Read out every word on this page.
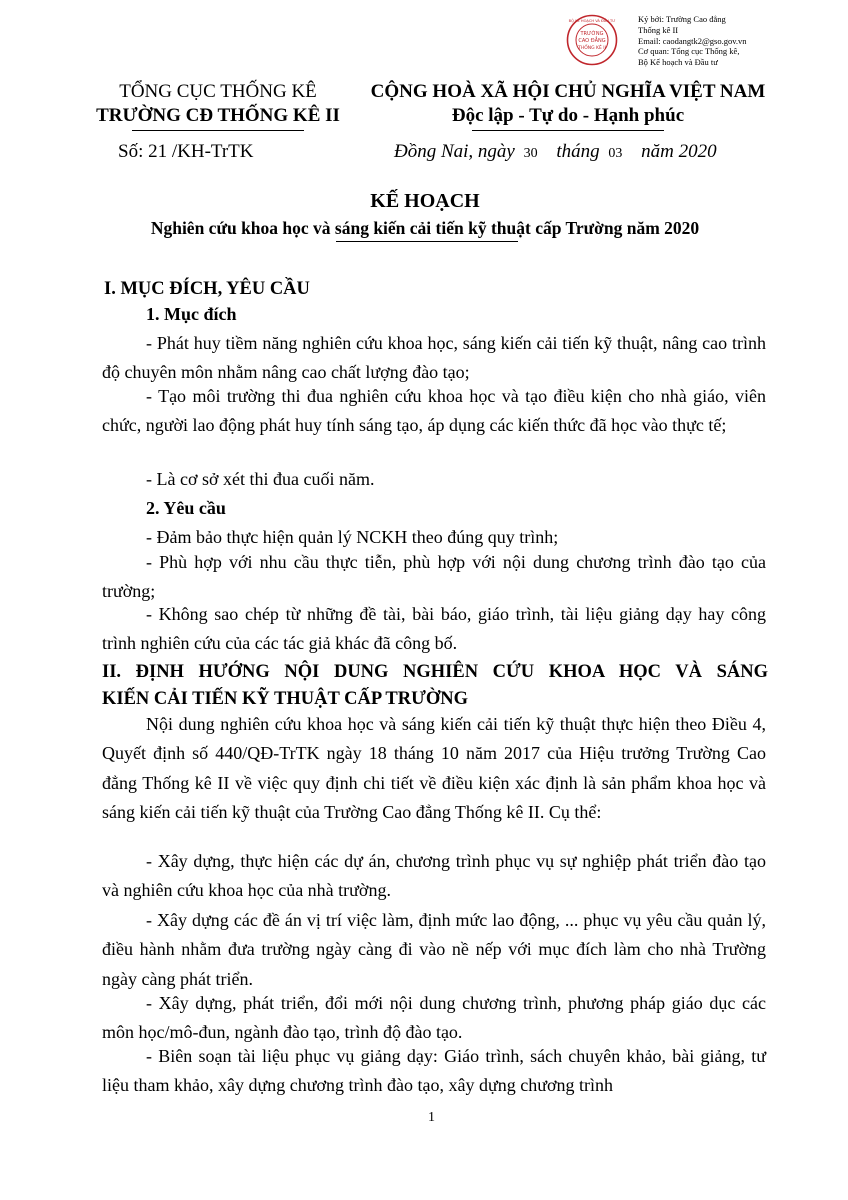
BỘ KẾ HOẠCH VÀ ĐẦU TƯ
TRƯỜNG
CAO ĐẲNG
THỐNG KÊ II
Ký bởi: Trường Cao đẳng
Thống kê II
Email: caodangtk2@gso.gov.vn
Cơ quan: Tổng cục Thống kê,
Bộ Kế hoạch và Đầu tư
TỔNG CỤC THỐNG KÊ
TRƯỜNG CĐ THỐNG KÊ II
Số: 21 /KH-TrTK
CỘNG HOÀ XÃ HỘI CHỦ NGHĨA VIỆT NAM
Độc lập - Tự do - Hạnh phúc
Đồng Nai, ngày 30 tháng 03 năm 2020
KẾ HOẠCH
Nghiên cứu khoa học và sáng kiến cải tiến kỹ thuật cấp Trường năm 2020
I. MỤC ĐÍCH, YÊU CẦU
1. Mục đích
- Phát huy tiềm năng nghiên cứu khoa học, sáng kiến cải tiến kỹ thuật, nâng cao trình độ chuyên môn nhằm nâng cao chất lượng đào tạo;
- Tạo môi trường thi đua nghiên cứu khoa học và tạo điều kiện cho nhà giáo, viên chức, người lao động phát huy tính sáng tạo, áp dụng các kiến thức đã học vào thực tế;
- Là cơ sở xét thi đua cuối năm.
2. Yêu cầu
- Đảm bảo thực hiện quản lý NCKH theo đúng quy trình;
- Phù hợp với nhu cầu thực tiễn, phù hợp với nội dung chương trình đào tạo của trường;
- Không sao chép từ những đề tài, bài báo, giáo trình, tài liệu giảng dạy hay công trình nghiên cứu của các tác giả khác đã công bố.
II. ĐỊNH HƯỚNG NỘI DUNG NGHIÊN CỨU KHOA HỌC VÀ SÁNG
KIẾN CẢI TIẾN KỸ THUẬT CẤP TRƯỜNG
Nội dung nghiên cứu khoa học và sáng kiến cải tiến kỹ thuật thực hiện theo Điều 4, Quyết định số 440/QĐ-TrTK ngày 18 tháng 10 năm 2017 của Hiệu trưởng Trường Cao đẳng Thống kê II về việc quy định chi tiết về điều kiện xác định là sản phẩm khoa học và sáng kiến cải tiến kỹ thuật của Trường Cao đẳng Thống kê II. Cụ thể:
- Xây dựng, thực hiện các dự án, chương trình phục vụ sự nghiệp phát triển đào tạo và nghiên cứu khoa học của nhà trường.
- Xây dựng các đề án vị trí việc làm, định mức lao động, ... phục vụ yêu cầu quản lý, điều hành nhằm đưa trường ngày càng đi vào nề nếp với mục đích làm cho nhà Trường ngày càng phát triển.
- Xây dựng, phát triển, đổi mới nội dung chương trình, phương pháp giáo dục các môn học/mô-đun, ngành đào tạo, trình độ đào tạo.
- Biên soạn tài liệu phục vụ giảng dạy: Giáo trình, sách chuyên khảo, bài giảng, tư liệu tham khảo, xây dựng chương trình đào tạo, xây dựng chương trình
1
